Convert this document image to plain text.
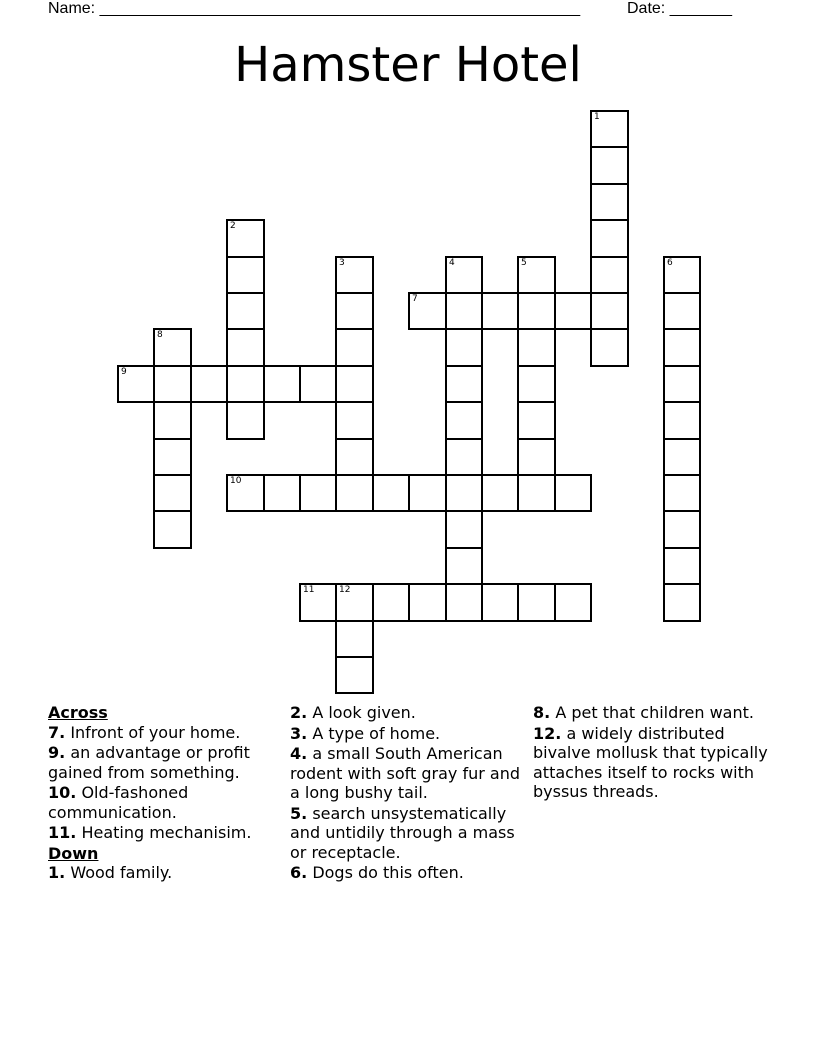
Name: ______________________________________________________	Date: _______
Hamster Hotel
1
2
3	4	5	6
7
8
9
10
11	12

Across

7. Infront of your home.

9. an advantage or profit gained from something.

10. Old-fashoned communication.

11. Heating mechanisim.

Down

1. Wood family.

2. A look given.

3. A type of home.

4. a small South American rodent with soft gray fur and a long bushy tail.

5. search unsystematically and untidily through a mass or receptacle.

6. Dogs do this often.

8. A pet that children want.

12. a widely distributed bivalve mollusk that typically attaches itself to rocks with byssus threads.
